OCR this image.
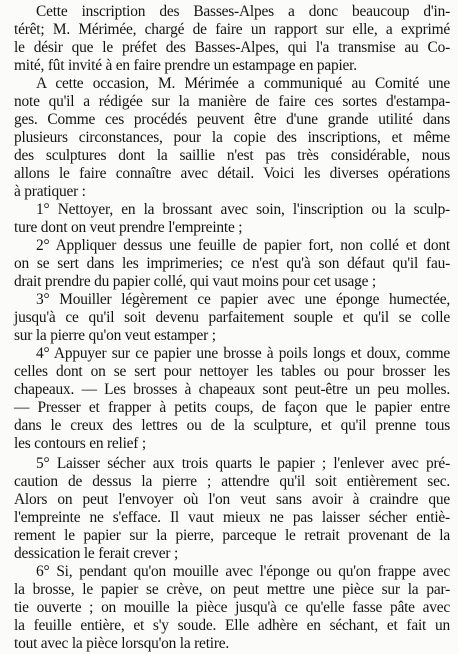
Cette inscription des Basses-Alpes a donc beaucoup d'in-
térêt; M. Mérimée, chargé de faire un rapport sur elle, a exprimé
le désir que le préfet des Basses-Alpes, qui l'a transmise au Co-
mité, fût invité à en faire prendre un estampage en papier.
A cette occasion, M. Mérimée a communiqué au Comité une
note qu'il a rédigée sur la manière de faire ces sortes d'estampa-
ges. Comme ces procédés peuvent être d'une grande utilité dans
plusieurs circonstances, pour la copie des inscriptions, et même
des sculptures dont la saillie n'est pas très considérable, nous
allons le faire connaître avec détail. Voici les diverses opérations
à pratiquer :
1° Nettoyer, en la brossant avec soin, l'inscription ou la sculp-
ture dont on veut prendre l'empreinte ;
2° Appliquer dessus une feuille de papier fort, non collé et dont
on se sert dans les imprimeries; ce n'est qu'à son défaut qu'il fau-
drait prendre du papier collé, qui vaut moins pour cet usage ;
3° Mouiller légèrement ce papier avec une éponge humectée,
jusqu'à ce qu'il soit devenu parfaitement souple et qu'il se colle
sur la pierre qu'on veut estamper ;
4° Appuyer sur ce papier une brosse à poils longs et doux, comme
celles dont on se sert pour nettoyer les tables ou pour brosser les
chapeaux. — Les brosses à chapeaux sont peut-être un peu molles.
— Presser et frapper à petits coups, de façon que le papier entre
dans le creux des lettres ou de la sculpture, et qu'il prenne tous
les contours en relief ;
5° Laisser sécher aux trois quarts le papier ; l'enlever avec pré-
caution de dessus la pierre ; attendre qu'il soit entièrement sec.
Alors on peut l'envoyer où l'on veut sans avoir à craindre que
l'empreinte ne s'efface. Il vaut mieux ne pas laisser sécher entiè-
rement le papier sur la pierre, parceque le retrait provenant de la
dessication le ferait crever ;
6° Si, pendant qu'on mouille avec l'éponge ou qu'on frappe avec
la brosse, le papier se crève, on peut mettre une pièce sur la par-
tie ouverte ; on mouille la pièce jusqu'à ce qu'elle fasse pâte avec
la feuille entière, et s'y soude. Elle adhère en séchant, et fait un
tout avec la pièce lorsqu'on la retire.
